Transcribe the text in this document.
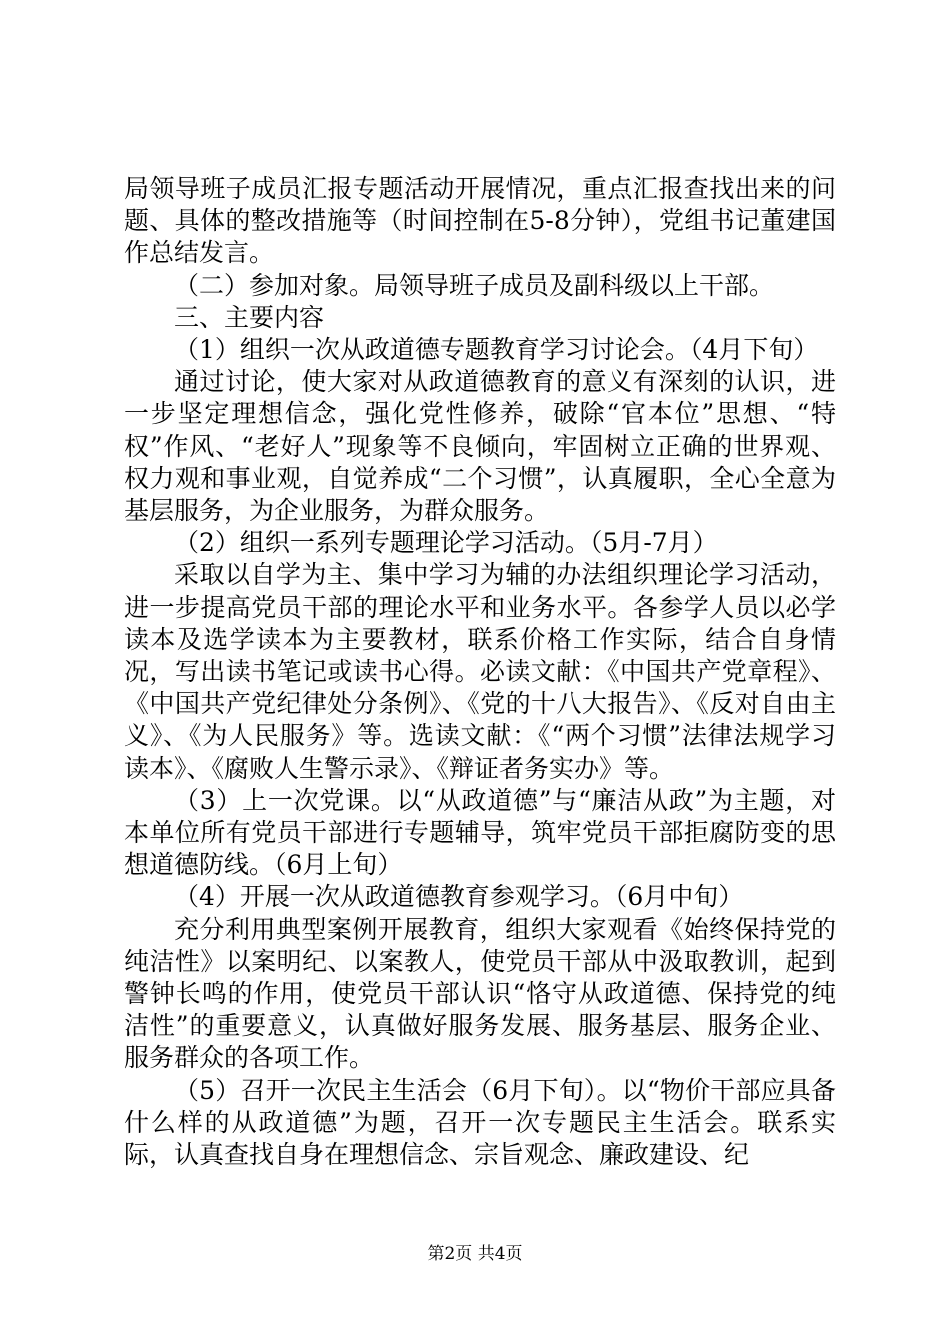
局领导班子成员汇报专题活动开展情况，重点汇报查找出来的问题、具体的整改措施等（时间控制在5-8分钟），党组书记董建国作总结发言。

（二）参加对象。局领导班子成员及副科级以上干部。

三、主要内容

（1）组织一次从政道德专题教育学习讨论会。（4月下旬）

通过讨论，使大家对从政道德教育的意义有深刻的认识，进一步坚定理想信念，强化党性修养，破除“官本位”思想、“特权”作风、“老好人”现象等不良倾向，牢固树立正确的世界观、权力观和事业观，自觉养成“二个习惯”，认真履职，全心全意为基层服务，为企业服务，为群众服务。

（2）组织一系列专题理论学习活动。（5月-7月）

采取以自学为主、集中学习为辅的办法组织理论学习活动，进一步提高党员干部的理论水平和业务水平。各参学人员以必学读本及选学读本为主要教材，联系价格工作实际，结合自身情况，写出读书笔记或读书心得。必读文献：《中国共产党章程》、《中国共产党纪律处分条例》、《党的十八大报告》、《反对自由主义》、《为人民服务》等。选读文献：《“两个习惯”法律法规学习读本》、《腐败人生警示录》、《辩证者务实办》等。

（3）上一次党课。以“从政道德”与“廉洁从政”为主题，对本单位所有党员干部进行专题辅导，筑牢党员干部拒腐防变的思想道德防线。（6月上旬）

（4）开展一次从政道德教育参观学习。（6月中旬）

充分利用典型案例开展教育，组织大家观看《始终保持党的纯洁性》以案明纪、以案教人，使党员干部从中汲取教训，起到警钟长鸣的作用，使党员干部认识“恪守从政道德、保持党的纯洁性”的重要意义，认真做好服务发展、服务基层、服务企业、服务群众的各项工作。

（5）召开一次民主生活会（6月下旬）。以“物价干部应具备什么样的从政道德”为题，召开一次专题民主生活会。联系实际，认真查找自身在理想信念、宗旨观念、廉政建设、纪

第2页 共4页
